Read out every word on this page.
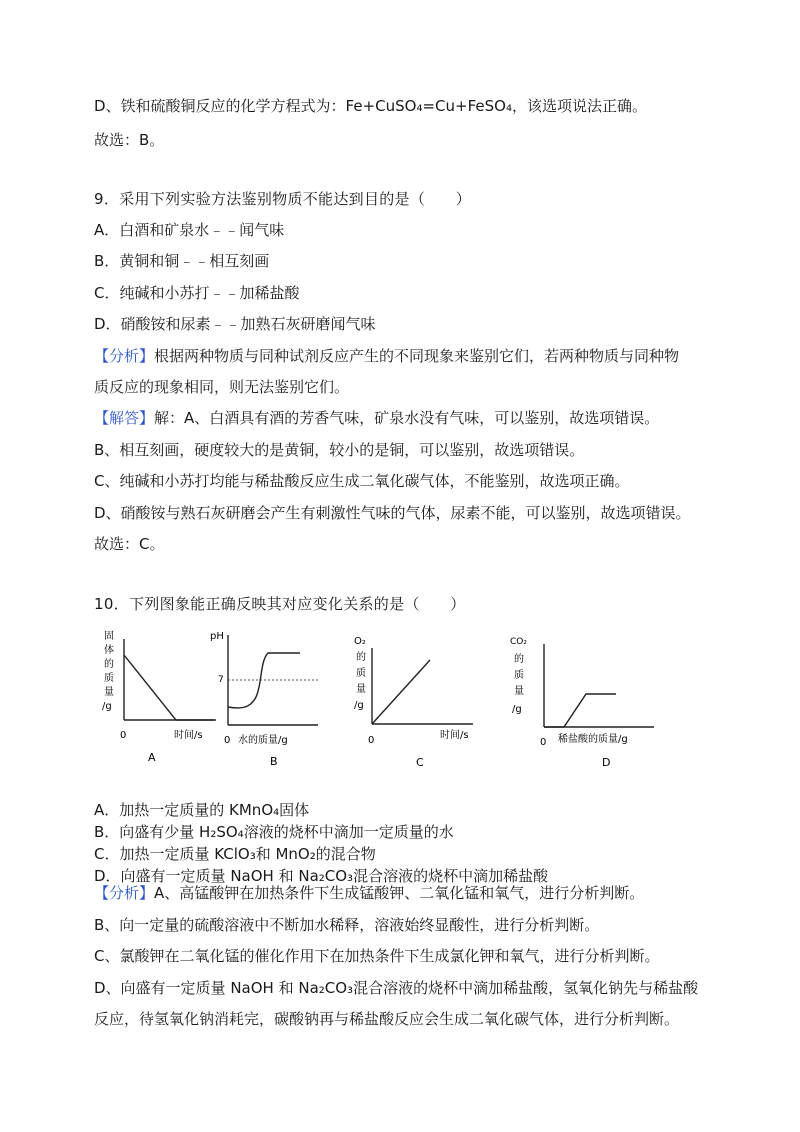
D、铁和硫酸铜反应的化学方程式为：Fe+CuSO₄=Cu+FeSO₄，该选项说法正确。
故选：B。
9．采用下列实验方法鉴别物质不能达到目的是（　　）
A．白酒和矿泉水﹣﹣闻气味
B．黄铜和铜﹣﹣相互刻画
C．纯碱和小苏打﹣﹣加稀盐酸
D．硝酸铵和尿素﹣﹣加熟石灰研磨闻气味
【分析】根据两种物质与同种试剂反应产生的不同现象来鉴别它们，若两种物质与同种物
质反应的现象相同，则无法鉴别它们。
【解答】解：A、白酒具有酒的芳香气味，矿泉水没有气味，可以鉴别，故选项错误。
B、相互刻画，硬度较大的是黄铜，较小的是铜，可以鉴别，故选项错误。
C、纯碱和小苏打均能与稀盐酸反应生成二氧化碳气体，不能鉴别，故选项正确。
D、硝酸铵与熟石灰研磨会产生有刺激性气味的气体，尿素不能，可以鉴别，故选项错误。
故选：C。
10．下列图象能正确反映其对应变化关系的是（　　）
固
体
的
质
量
/g
0	时间/s
A
pH
7
0 水的质量/g
B
O₂
的
质
量
/g
0	时间/s
C
CO₂
的
质
量
/g
0 稀盐酸的质量/g
D
A．加热一定质量的 KMnO₄固体
B．向盛有少量 H₂SO₄溶液的烧杯中滴加一定质量的水
C．加热一定质量 KClO₃和 MnO₂的混合物
D．向盛有一定质量 NaOH 和 Na₂CO₃混合溶液的烧杯中滴加稀盐酸
【分析】A、高锰酸钾在加热条件下生成锰酸钾、二氧化锰和氧气，进行分析判断。
B、向一定量的硫酸溶液中不断加水稀释，溶液始终显酸性，进行分析判断。
C、氯酸钾在二氧化锰的催化作用下在加热条件下生成氯化钾和氧气，进行分析判断。
D、向盛有一定质量 NaOH 和 Na₂CO₃混合溶液的烧杯中滴加稀盐酸，氢氧化钠先与稀盐酸
反应，待氢氧化钠消耗完，碳酸钠再与稀盐酸反应会生成二氧化碳气体，进行分析判断。
